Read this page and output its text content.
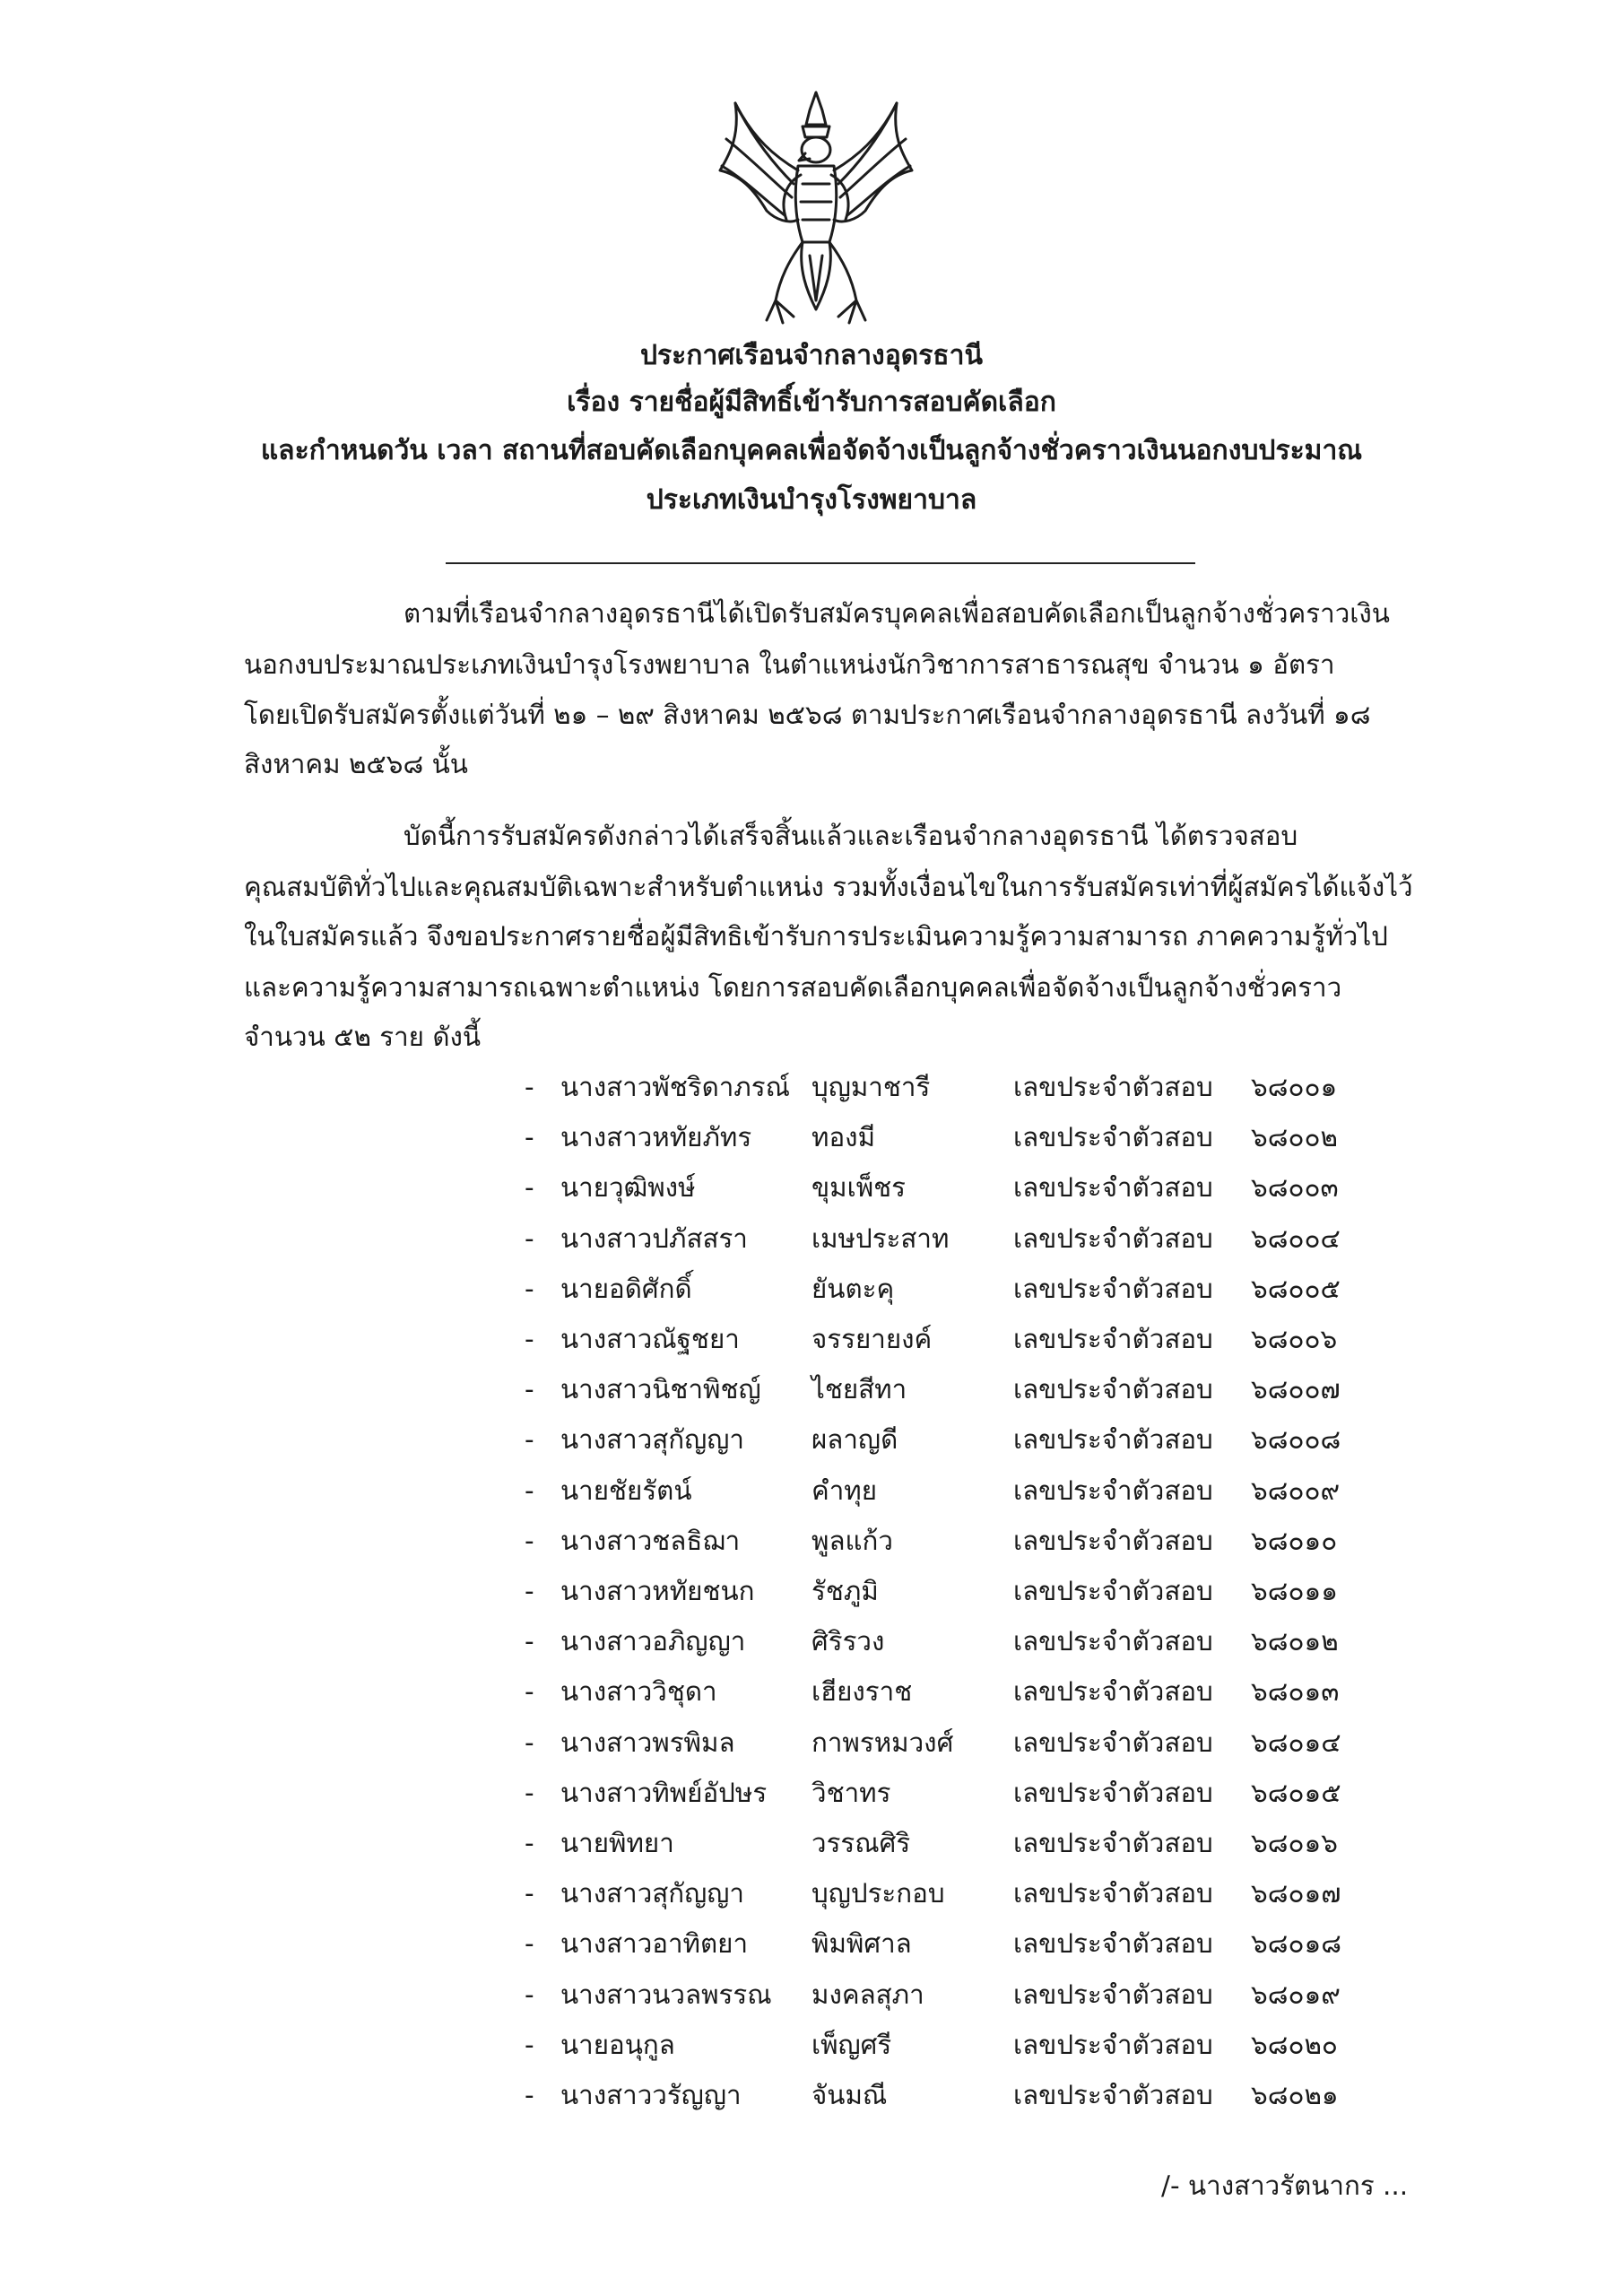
ประกาศเรือนจำกลางอุดรธานี
เรื่อง รายชื่อผู้มีสิทธิ์เข้ารับการสอบคัดเลือก
และกำหนดวัน เวลา สถานที่สอบคัดเลือกบุคคลเพื่อจัดจ้างเป็นลูกจ้างชั่วคราวเงินนอกงบประมาณ
ประเภทเงินบำรุงโรงพยาบาล
ตามที่เรือนจำกลางอุดรธานีได้เปิดรับสมัครบุคคลเพื่อสอบคัดเลือกเป็นลูกจ้างชั่วคราวเงิน
นอกงบประมาณประเภทเงินบำรุงโรงพยาบาล ในตำแหน่งนักวิชาการสาธารณสุข จำนวน ๑ อัตรา
โดยเปิดรับสมัครตั้งแต่วันที่ ๒๑ – ๒๙ สิงหาคม ๒๕๖๘ ตามประกาศเรือนจำกลางอุดรธานี ลงวันที่ ๑๘
สิงหาคม ๒๕๖๘ นั้น
บัดนี้การรับสมัครดังกล่าวได้เสร็จสิ้นแล้วและเรือนจำกลางอุดรธานี ได้ตรวจสอบ
คุณสมบัติทั่วไปและคุณสมบัติเฉพาะสำหรับตำแหน่ง รวมทั้งเงื่อนไขในการรับสมัครเท่าที่ผู้สมัครได้แจ้งไว้
ในใบสมัครแล้ว จึงขอประกาศรายชื่อผู้มีสิทธิเข้ารับการประเมินความรู้ความสามารถ ภาคความรู้ทั่วไป
และความรู้ความสามารถเฉพาะตำแหน่ง โดยการสอบคัดเลือกบุคคลเพื่อจัดจ้างเป็นลูกจ้างชั่วคราว
จำนวน ๕๒ ราย ดังนี้
- นางสาวพัชริดาภรณ์ บุญมาชารี	เลขประจำตัวสอบ ๖๘๐๐๑
- นางสาวหทัยภัทร ทองมี	เลขประจำตัวสอบ ๖๘๐๐๒
- นายวุฒิพงษ์	ขุมเพ็ชร	เลขประจำตัวสอบ ๖๘๐๐๓
- นางสาวปภัสสรา เมษประสาท เลขประจำตัวสอบ ๖๘๐๐๔
- นายอดิศักดิ์	ยันตะคุ	เลขประจำตัวสอบ ๖๘๐๐๕
- นางสาวณัฐชยา	จรรยายงค์	เลขประจำตัวสอบ ๖๘๐๐๖
- นางสาวนิชาพิชญ์ ไชยสีทา	เลขประจำตัวสอบ ๖๘๐๐๗
- นางสาวสุกัญญา	ผลาญดี	เลขประจำตัวสอบ ๖๘๐๐๘
- นายชัยรัตน์	คำทุย	เลขประจำตัวสอบ ๖๘๐๐๙
- นางสาวชลธิฌา	พูลแก้ว	เลขประจำตัวสอบ ๖๘๐๑๐
- นางสาวหทัยชนก รัชภูมิ	เลขประจำตัวสอบ ๖๘๐๑๑
- นางสาวอภิญญา ศิริรวง	เลขประจำตัวสอบ ๖๘๐๑๒
- นางสาววิชุดา	เฮียงราช	เลขประจำตัวสอบ ๖๘๐๑๓
- นางสาวพรพิมล	กาพรหมวงศ์ เลขประจำตัวสอบ ๖๘๐๑๔
- นางสาวทิพย์อัปษร วิชาทร	เลขประจำตัวสอบ ๖๘๐๑๕
- นายพิทยา	วรรณศิริ	เลขประจำตัวสอบ ๖๘๐๑๖
- นางสาวสุกัญญา	บุญประกอบ	เลขประจำตัวสอบ ๖๘๐๑๗
- นางสาวอาทิตยา พิมพิศาล	เลขประจำตัวสอบ ๖๘๐๑๘
- นางสาวนวลพรรณ มงคลสุภา	เลขประจำตัวสอบ ๖๘๐๑๙
- นายอนุกูล	เพ็ญศรี	เลขประจำตัวสอบ ๖๘๐๒๐
- นางสาววรัญญา	จันมณี	เลขประจำตัวสอบ ๖๘๐๒๑
/- นางสาวรัตนากร ...
